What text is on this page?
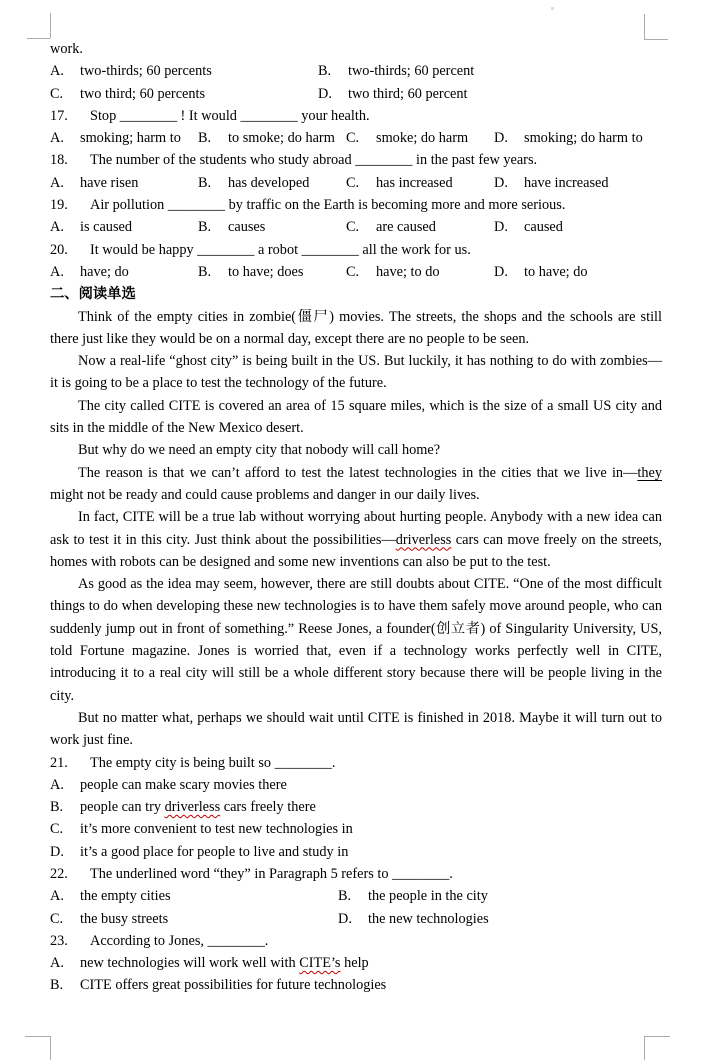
work.
A. two-thirds; 60 percents	B. two-thirds; 60 percent
C. two third; 60 percents	D. two third; 60 percent
17. Stop ________ ! It would ________ your health.
A. smoking; harm to	B. to smoke; do harm C. smoke; do harm	D. smoking; do harm to
18. The number of the students who study abroad ________ in the past few years.
A. have risen	B. has developed	C. has increased	D. have increased
19. Air pollution ________ by traffic on the Earth is becoming more and more serious.
A. is caused	B. causes	C. are caused	D. caused
20. It would be happy ________ a robot ________ all the work for us.
A. have; do	B. to have; does	C. have; to do	D. to have; do
二、阅读单选

Think of the empty cities in zombie(僵尸) movies. The streets, the shops and the schools are still there just like they would be on a normal day, except there are no people to be seen.

Now a real-life “ghost city” is being built in the US. But luckily, it has nothing to do with zombies—it is going to be a place to test the technology of the future.

The city called CITE is covered an area of 15 square miles, which is the size of a small US city and sits in the middle of the New Mexico desert.

But why do we need an empty city that nobody will call home?

The reason is that we can’t afford to test the latest technologies in the cities that we live in—they might not be ready and could cause problems and danger in our daily lives.

In fact, CITE will be a true lab without worrying about hurting people. Anybody with a new idea can ask to test it in this city. Just think about the possibilities—driverless cars can move freely on the streets, homes with robots can be designed and some new inventions can also be put to the test.

As good as the idea may seem, however, there are still doubts about CITE. “One of the most difficult things to do when developing these new technologies is to have them safely move around people, who can suddenly jump out in front of something.” Reese Jones, a founder(创立者) of Singularity University, US, told Fortune magazine. Jones is worried that, even if a technology works perfectly well in CITE, introducing it to a real city will still be a whole different story because there will be people living in the city.

But no matter what, perhaps we should wait until CITE is finished in 2018. Maybe it will turn out to work just fine.

21. The empty city is being built so ________.
A. people can make scary movies there
B. people can try driverless cars freely there
C. it’s more convenient to test new technologies in
D. it’s a good place for people to live and study in
22. The underlined word “they” in Paragraph 5 refers to ________.
A. the empty cities	B. the people in the city
C. the busy streets	D. the new technologies
23. According to Jones, ________.
A. new technologies will work well with CITE’s help
B. CITE offers great possibilities for future technologies
